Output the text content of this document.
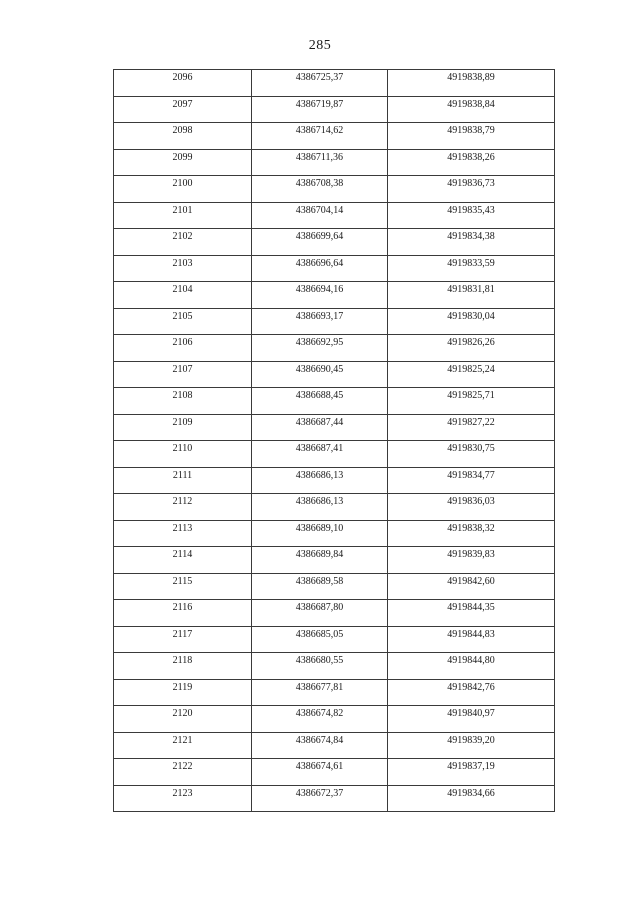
285
2096	4386725,37	4919838,89
2097	4386719,87	4919838,84
2098	4386714,62	4919838,79
2099	4386711,36	4919838,26
2100	4386708,38	4919836,73
2101	4386704,14	4919835,43
2102	4386699,64	4919834,38
2103	4386696,64	4919833,59
2104	4386694,16	4919831,81
2105	4386693,17	4919830,04
2106	4386692,95	4919826,26
2107	4386690,45	4919825,24
2108	4386688,45	4919825,71
2109	4386687,44	4919827,22
2110	4386687,41	4919830,75
2111	4386686,13	4919834,77
2112	4386686,13	4919836,03
2113	4386689,10	4919838,32
2114	4386689,84	4919839,83
2115	4386689,58	4919842,60
2116	4386687,80	4919844,35
2117	4386685,05	4919844,83
2118	4386680,55	4919844,80
2119	4386677,81	4919842,76
2120	4386674,82	4919840,97
2121	4386674,84	4919839,20
2122	4386674,61	4919837,19
2123	4386672,37	4919834,66
